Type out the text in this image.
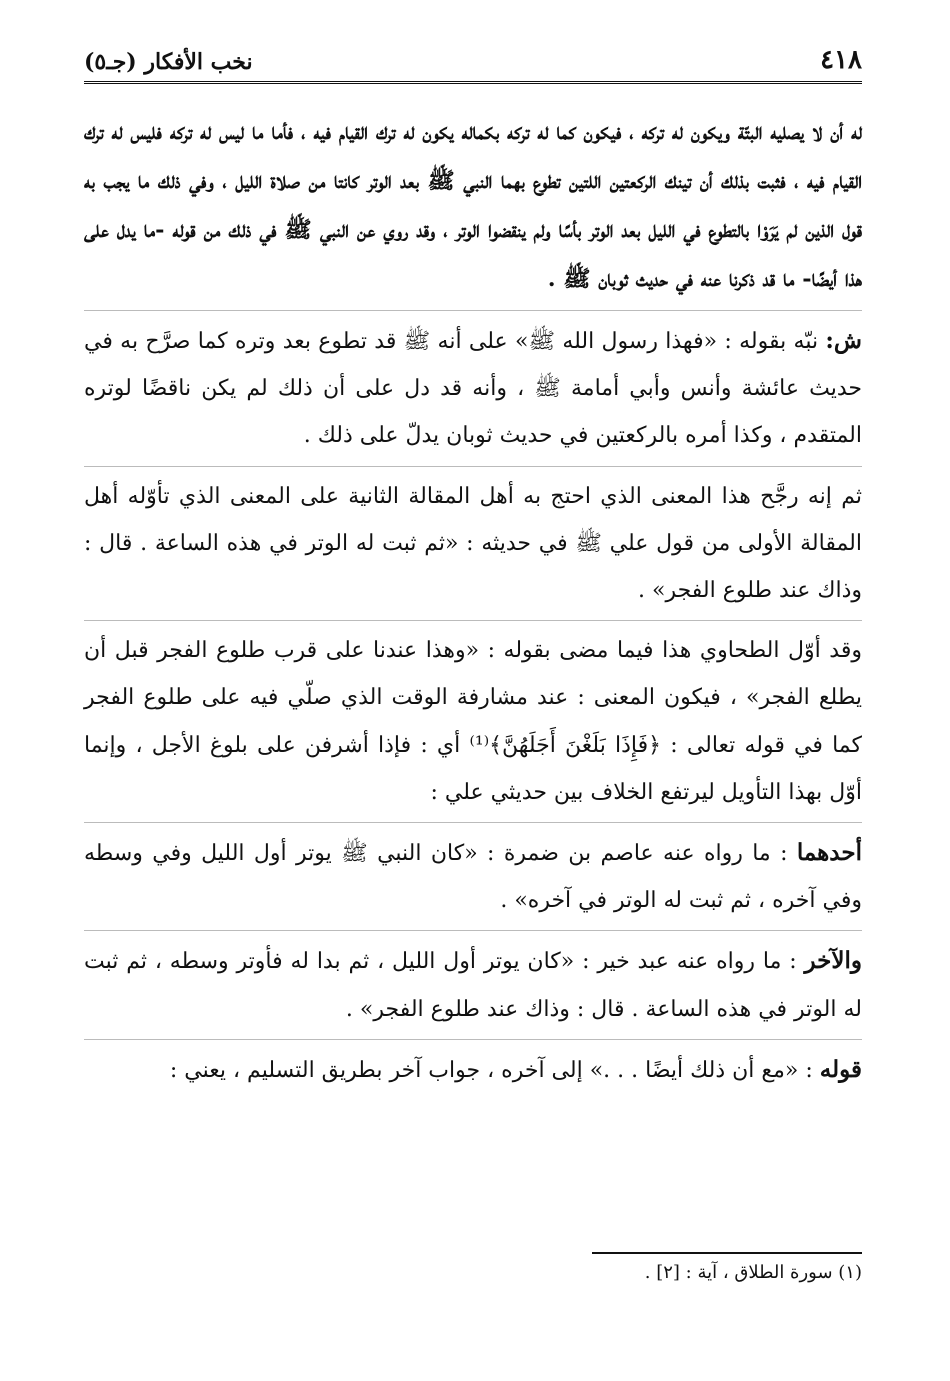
٤١٨
نخب الأفكار (جـ٥)

له أن لا يصليه البتّة ويكون له تركه ، فيكون كما له تركه بكماله يكون له ترك القيام فيه ، فأما ما ليس له تركه فليس له ترك القيام فيه ، فثبت بذلك أن تينك الركعتين اللتين تطوع بهما النبي ﷺ بعد الوتر كانتا من صلاة الليل ، وفي ذلك ما يجب به قول الذين لم يَرَوْا بالتطوع في الليل بعد الوتر بأسًا ولم ينقضوا الوتر ، وقد روي عن النبي ﷺ في ذلك من قوله -ما يدل على هذا أيضًا- ما قد ذكرنا عنه في حديث ثوبان ﷺ .

ش: نبّه بقوله : «فهذا رسول الله ﷺ» على أنه ﷺ قد تطوع بعد وتره كما صرَّح به في حديث عائشة وأنس وأبي أمامة ﷺ ، وأنه قد دل على أن ذلك لم يكن ناقضًا لوتره المتقدم ، وكذا أمره بالركعتين في حديث ثوبان يدلّ على ذلك .

ثم إنه رجَّح هذا المعنى الذي احتج به أهل المقالة الثانية على المعنى الذي تأوّله أهل المقالة الأولى من قول علي ﷺ في حديثه : «ثم ثبت له الوتر في هذه الساعة . قال : وذاك عند طلوع الفجر» .

وقد أوّل الطحاوي هذا فيما مضى بقوله : «وهذا عندنا على قرب طلوع الفجر قبل أن يطلع الفجر» ، فيكون المعنى : عند مشارفة الوقت الذي صلّي فيه على طلوع الفجر كما في قوله تعالى : ﴿فَإِذَا بَلَغْنَ أَجَلَهُنَّ﴾⁽¹⁾ أي : فإذا أشرفن على بلوغ الأجل ، وإنما أوّل بهذا التأويل ليرتفع الخلاف بين حديثي علي :

أحدهما : ما رواه عنه عاصم بن ضمرة : «كان النبي ﷺ يوتر أول الليل وفي وسطه وفي آخره ، ثم ثبت له الوتر في آخره» .

والآخر : ما رواه عنه عبد خير : «كان يوتر أول الليل ، ثم بدا له فأوتر وسطه ، ثم ثبت له الوتر في هذه الساعة . قال : وذاك عند طلوع الفجر» .

قوله : «مع أن ذلك أيضًا . . .» إلى آخره ، جواب آخر بطريق التسليم ، يعني :

(١) سورة الطلاق ، آية : [٢] .
